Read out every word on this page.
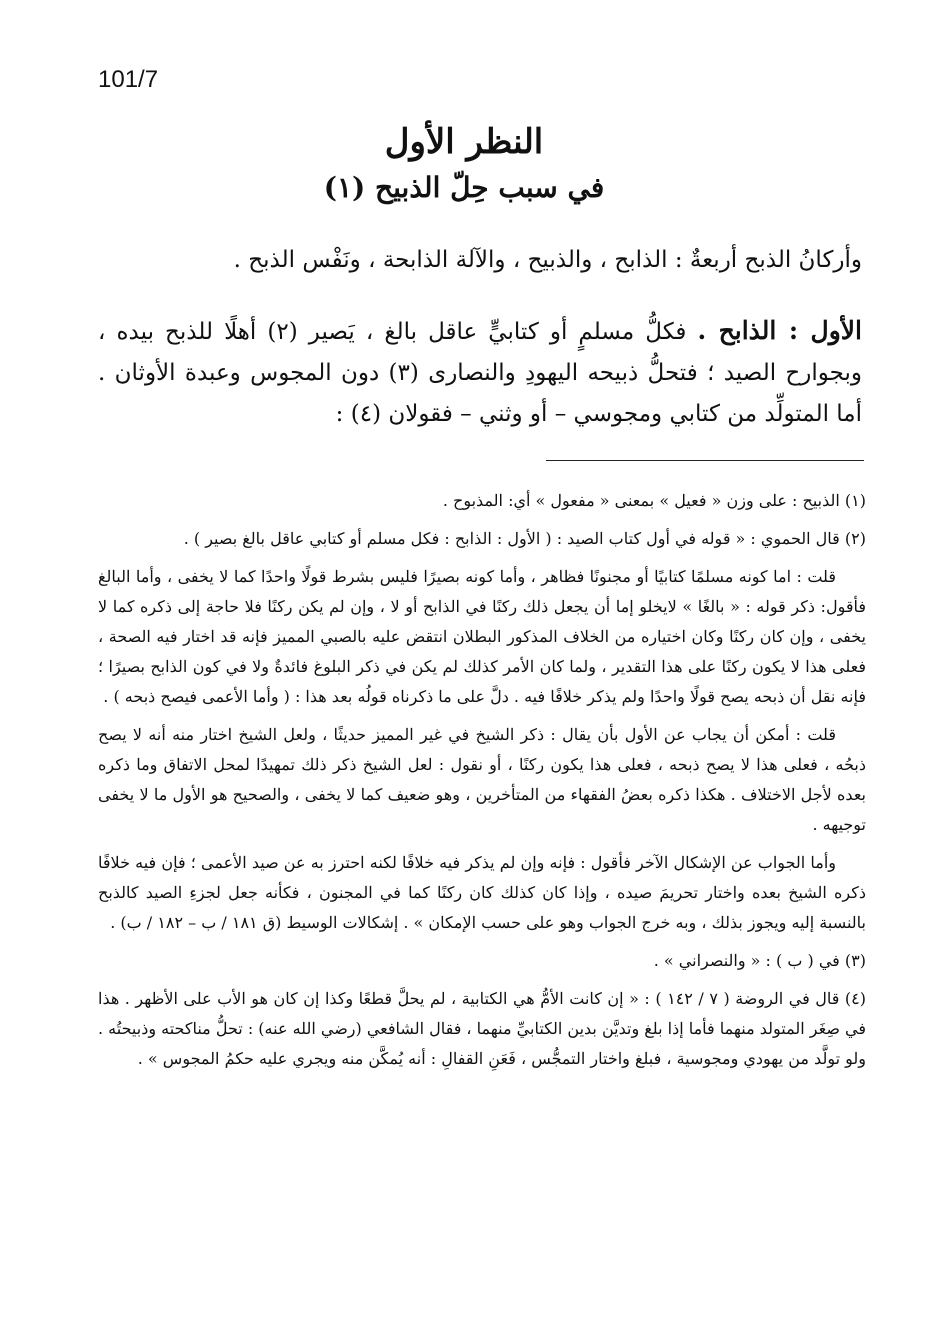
101/7
النظر الأول
في سبب حِلّ الذبيح (١)
وأركانُ الذبح أربعةٌ : الذابح ، والذبيح ، والآلة الذابحة ، ونَفْس الذبح .
الأول : الذابح . فكلُّ مسلمٍ أو كتابيٍّ عاقل بالغ ، يَصير (٢) أهلًا للذبح بيده ، وبجوارح الصيد ؛ فتحلُّ ذبيحه اليهودِ والنصارى (٣) دون المجوس وعبدة الأوثان . أما المتولِّد من كتابي ومجوسي – أو وثني – فقولان (٤) :

(١) الذبيح : على وزن « فعيل » بمعنى « مفعول » أي: المذبوح .

(٢) قال الحموي : « قوله في أول كتاب الصيد : ( الأول : الذابح : فكل مسلم أو كتابي عاقل بالغ بصير ) .

قلت : اما كونه مسلمًا كتابيًا أو مجنونًا فظاهر ، وأما كونه بصيرًا فليس بشرط قولًا واحدًا كما لا يخفى ، وأما البالغ فأقول: ذكر قوله : « بالغًا » لايخلو إما أن يجعل ذلك ركنًا في الذابح أو لا ، وإن لم يكن ركنًا فلا حاجة إلى ذكره كما لا يخفى ، وإن كان ركنًا وكان اختياره من الخلاف المذكور البطلان انتقض عليه بالصبي المميز فإنه قد اختار فيه الصحة ، فعلى هذا لا يكون ركنًا على هذا التقدير ، ولما كان الأمر كذلك لم يكن في ذكر البلوغ فائدةٌ ولا في كون الذابح بصيرًا ؛ فإنه نقل أن ذبحه يصح قولًا واحدًا ولم يذكر خلافًا فيه . دلَّ على ما ذكرناه قولُه بعد هذا : ( وأما الأعمى فيصح ذبحه ) .

قلت : أمكن أن يجاب عن الأول بأن يقال : ذكر الشيخ في غير المميز حديثًا ، ولعل الشيخ اختار منه أنه لا يصح ذبحُه ، فعلى هذا لا يصح ذبحه ، فعلى هذا يكون ركنًا ، أو نقول : لعل الشيخ ذكر ذلك تمهيدًا لمحل الاتفاق وما ذكره بعده لأجل الاختلاف . هكذا ذكره بعضُ الفقهاء من المتأخرين ، وهو ضعيف كما لا يخفى ، والصحيح هو الأول ما لا يخفى توجيهه .

وأما الجواب عن الإشكال الآخر فأقول : فإنه وإن لم يذكر فيه خلافًا لكنه احترز به عن صيد الأعمى ؛ فإن فيه خلافًا ذكره الشيخ بعده واختار تحريمَ صيده ، وإذا كان كذلك كان ركنًا كما في المجنون ، فكأنه جعل لجزءِ الصيد كالذبح بالنسبة إليه ويجوز بذلك ، وبه خرج الجواب وهو على حسب الإمكان » . إشكالات الوسيط (ق ١٨١ / ب – ١٨٢ / ب) .

(٣) في ( ب ) : « والنصراني » .

(٤) قال في الروضة ( ٧ / ١٤٢ ) : « إن كانت الأمُّ هي الكتابية ، لم يحلَّ قطعًا وكذا إن كان هو الأب على الأظهر . هذا في صِغَر المتولد منهما فأما إذا بلغ وتديَّن بدين الكتابيِّ منهما ، فقال الشافعي (رضي الله عنه) : تحلُّ مناكحته وذبيحتُه . ولو تولَّد من يهودي ومجوسية ، فبلغ واختار التمجُّس ، فَعَنِ القفالِ : أنه يُمكَّن منه ويجري عليه حكمُ المجوس » .
